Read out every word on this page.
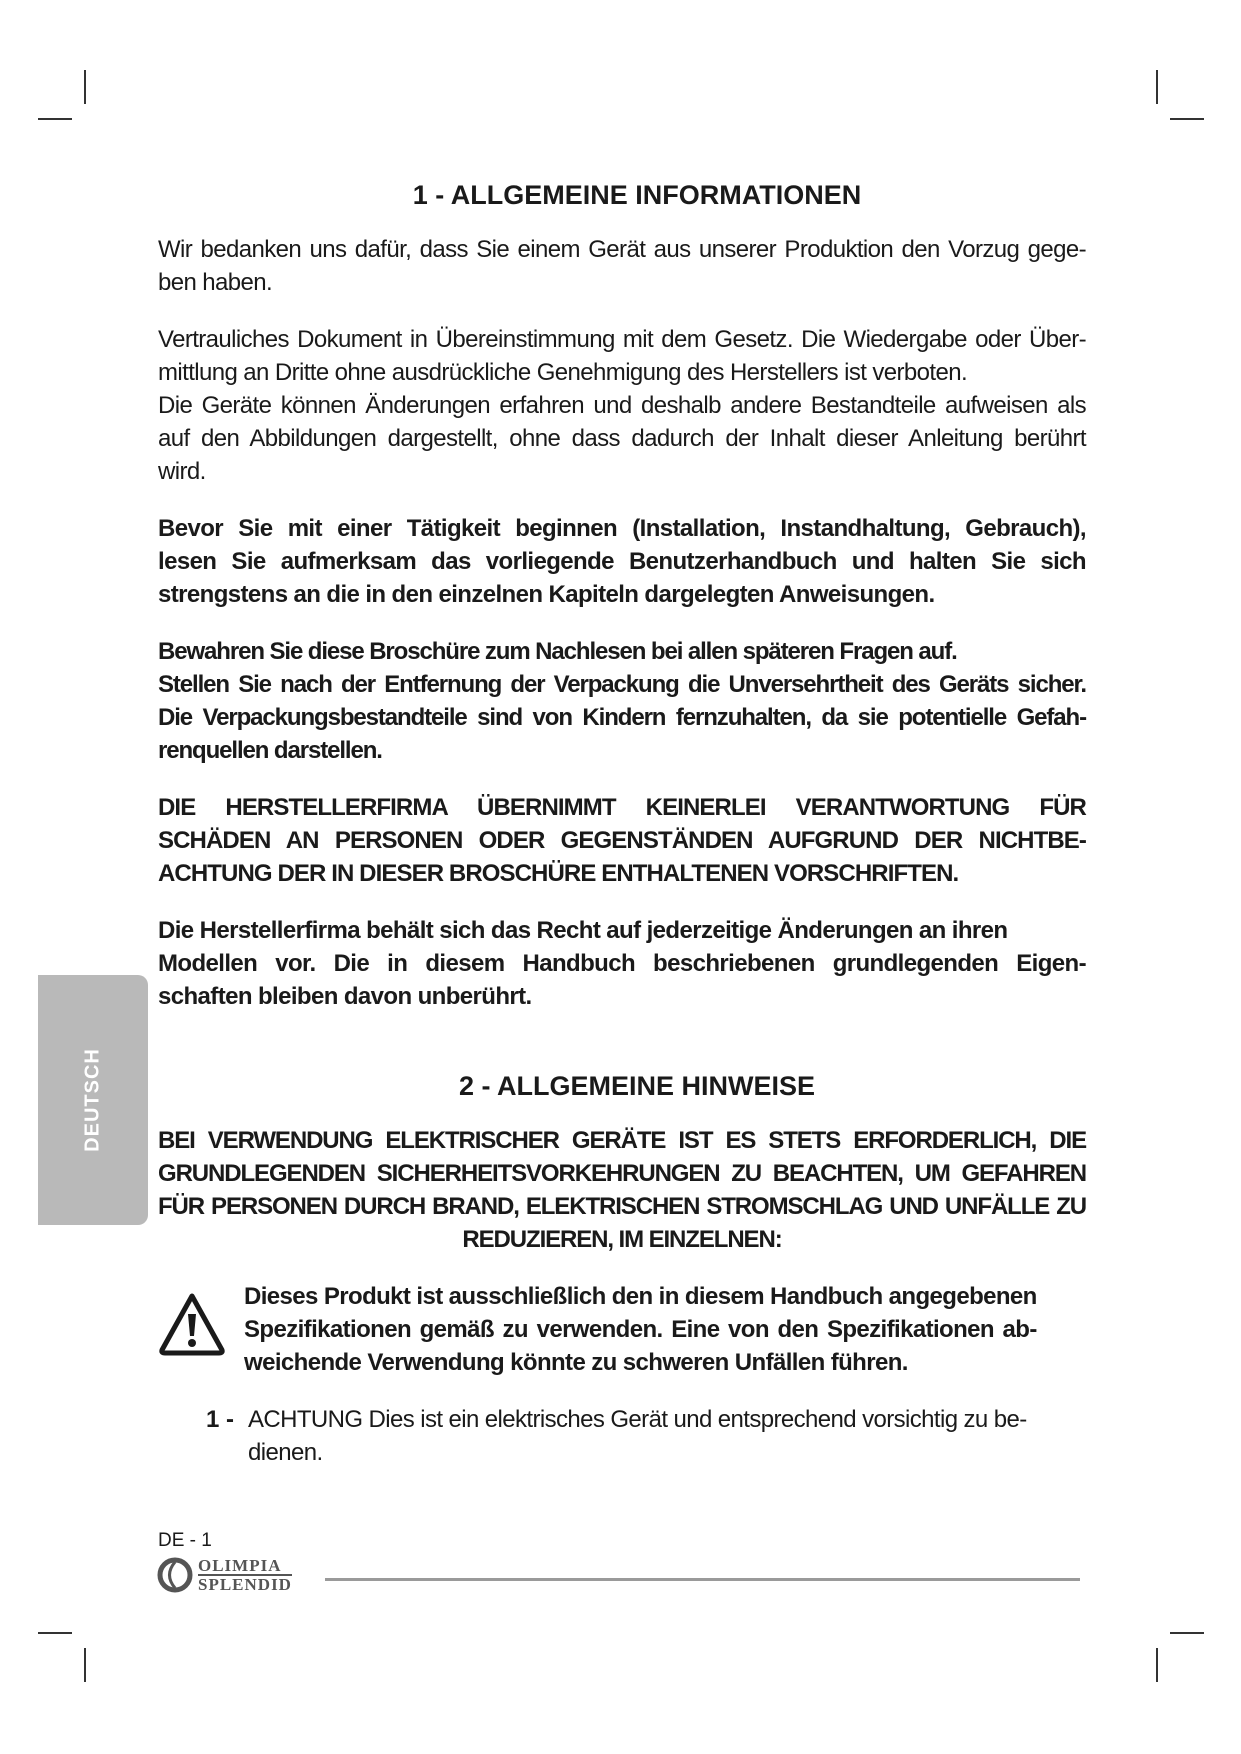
DEUTSCH
1 - ALLGEMEINE INFORMATIONEN
Wir bedanken uns dafür, dass Sie einem Gerät aus unserer Produktion den Vorzug gege-
ben haben.
Vertrauliches Dokument in Übereinstimmung mit dem Gesetz. Die Wiedergabe oder Über-
mittlung an Dritte ohne ausdrückliche Genehmigung des Herstellers ist verboten.
Die Geräte können Änderungen erfahren und deshalb andere Bestandteile aufweisen als
auf den Abbildungen dargestellt, ohne dass dadurch der Inhalt dieser Anleitung berührt
wird.
Bevor Sie mit einer Tätigkeit beginnen (Installation, Instandhaltung, Gebrauch),
lesen Sie aufmerksam das vorliegende Benutzerhandbuch und halten Sie sich
strengstens an die in den einzelnen Kapiteln dargelegten Anweisungen.
Bewahren Sie diese Broschüre zum Nachlesen bei allen späteren Fragen auf.
Stellen Sie nach der Entfernung der Verpackung die Unversehrtheit des Geräts sicher.
Die Verpackungsbestandteile sind von Kindern fernzuhalten, da sie potentielle Gefah-
renquellen darstellen.
DIE HERSTELLERFIRMA ÜBERNIMMT KEINERLEI VERANTWORTUNG FÜR
SCHÄDEN AN PERSONEN ODER GEGENSTÄNDEN AUFGRUND DER NICHTBE-
ACHTUNG DER IN DIESER BROSCHÜRE ENTHALTENEN VORSCHRIFTEN.
Die Herstellerfirma behält sich das Recht auf jederzeitige Änderungen an ihren
Modellen vor. Die in diesem Handbuch beschriebenen grundlegenden Eigen-
schaften bleiben davon unberührt.
2 - ALLGEMEINE HINWEISE
BEI VERWENDUNG ELEKTRISCHER GERÄTE IST ES STETS ERFORDERLICH, DIE
GRUNDLEGENDEN SICHERHEITSVORKEHRUNGEN ZU BEACHTEN, UM GEFAHREN
FÜR PERSONEN DURCH BRAND, ELEKTRISCHEN STROMSCHLAG UND UNFÄLLE ZU
REDUZIEREN, IM EINZELNEN:
Dieses Produkt ist ausschließlich den in diesem Handbuch angegebenen
Spezifikationen gemäß zu verwenden. Eine von den Spezifikationen ab-
weichende Verwendung könnte zu schweren Unfällen führen.
1 - ACHTUNG Dies ist ein elektrisches Gerät und entsprechend vorsichtig zu be-
dienen.
DE - 1
OLIMPIA
SPLENDID
